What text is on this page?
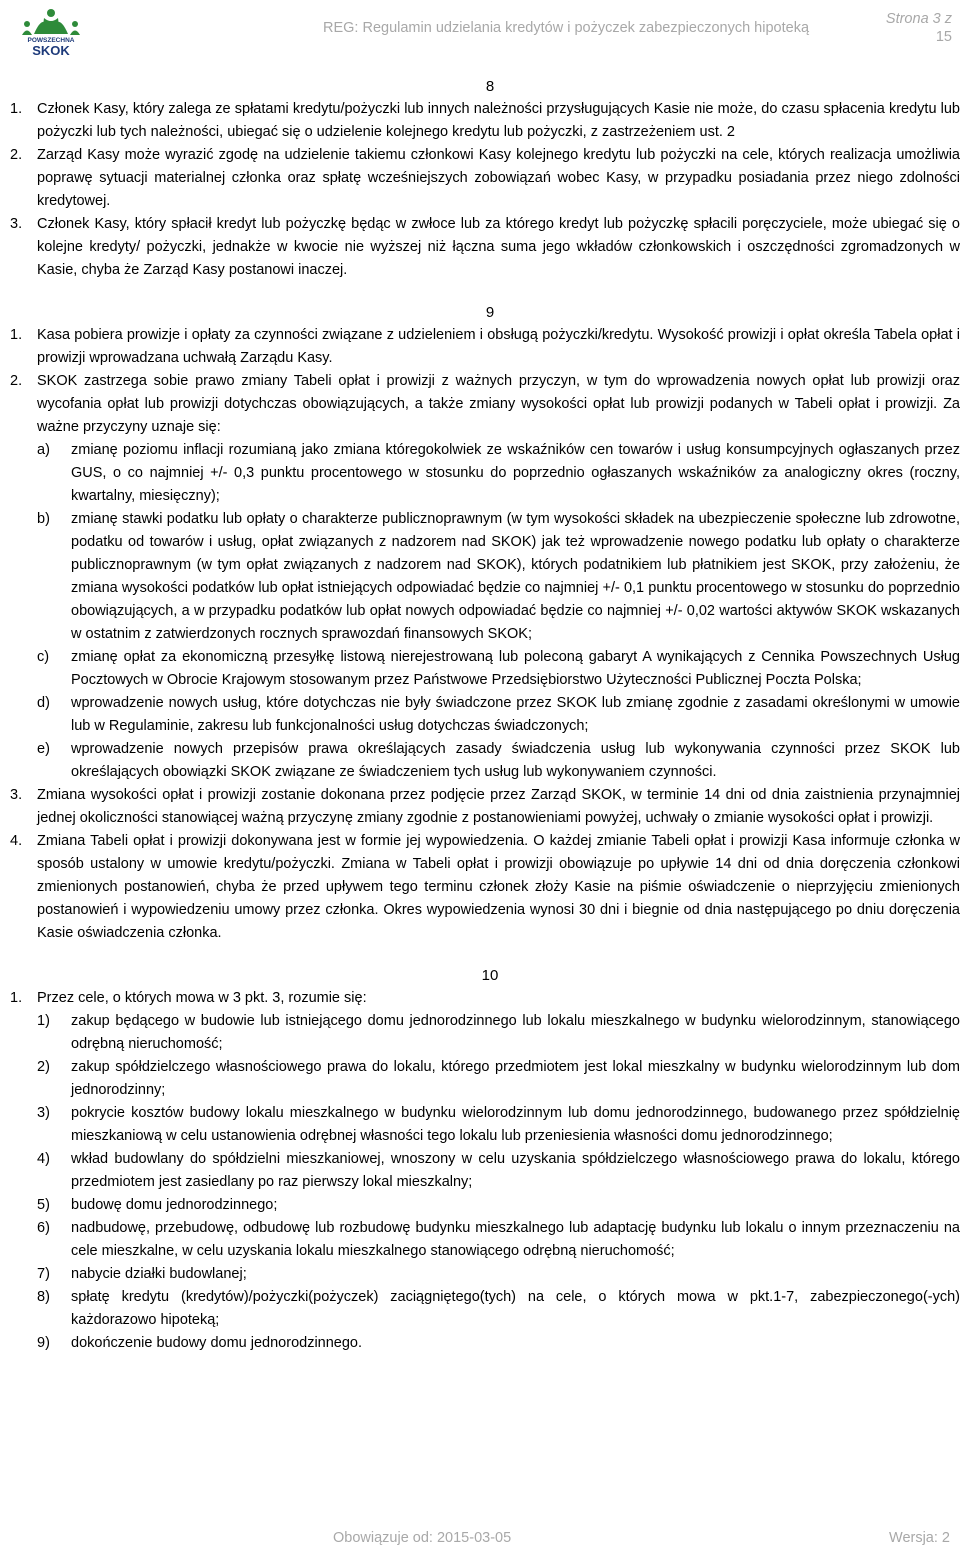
POWSZECHNA
SKOK
REG: Regulamin udzielania kredytów i pożyczek zabezpieczonych hipoteką
Strona 3 z
15
8
1.	Członek Kasy, który zalega ze spłatami kredytu/pożyczki lub innych należności przysługujących Kasie nie może, do czasu spłacenia kredytu lub pożyczki lub tych należności, ubiegać się o udzielenie kolejnego kredytu lub pożyczki, z zastrzeżeniem ust. 2
2.	Zarząd Kasy może wyrazić zgodę na udzielenie takiemu członkowi Kasy kolejnego kredytu lub pożyczki na cele, których realizacja umożliwia poprawę sytuacji materialnej członka oraz spłatę wcześniejszych zobowiązań wobec Kasy, w przypadku posiadania przez niego zdolności kredytowej.
3.	Członek Kasy, który spłacił kredyt lub pożyczkę będąc w zwłoce lub za którego kredyt lub pożyczkę spłacili poręczyciele, może ubiegać się o kolejne kredyty/ pożyczki, jednakże w kwocie nie wyższej niż łączna suma jego wkładów członkowskich i oszczędności zgromadzonych w Kasie, chyba że Zarząd Kasy postanowi inaczej.
9
1.	Kasa pobiera prowizje i opłaty za czynności związane z udzieleniem i obsługą pożyczki/kredytu. Wysokość prowizji i opłat określa Tabela opłat i prowizji wprowadzana uchwałą Zarządu Kasy.
2.	SKOK zastrzega sobie prawo zmiany Tabeli opłat i prowizji z ważnych przyczyn, w tym do wprowadzenia nowych opłat lub prowizji oraz wycofania opłat lub prowizji dotychczas obowiązujących, a także zmiany wysokości opłat lub prowizji podanych w Tabeli opłat i prowizji. Za ważne przyczyny uznaje się:
a)	zmianę poziomu inflacji rozumianą jako zmiana któregokolwiek ze wskaźników cen towarów i usług konsumpcyjnych ogłaszanych przez GUS, o co najmniej +/- 0,3 punktu procentowego w stosunku do poprzednio ogłaszanych wskaźników za analogiczny okres (roczny, kwartalny, miesięczny);
b)	zmianę stawki podatku lub opłaty o charakterze publicznoprawnym (w tym wysokości składek na ubezpieczenie społeczne lub zdrowotne, podatku od towarów i usług, opłat związanych z nadzorem nad SKOK) jak też wprowadzenie nowego podatku lub opłaty o charakterze publicznoprawnym (w tym opłat związanych z nadzorem nad SKOK), których podatnikiem lub płatnikiem jest SKOK, przy założeniu, że zmiana wysokości podatków lub opłat istniejących odpowiadać będzie co najmniej +/- 0,1 punktu procentowego w stosunku do poprzednio obowiązujących, a w przypadku podatków lub opłat nowych odpowiadać będzie co najmniej +/- 0,02 wartości aktywów SKOK wskazanych w ostatnim z zatwierdzonych rocznych sprawozdań finansowych SKOK;
c)	zmianę opłat za ekonomiczną przesyłkę listową nierejestrowaną lub poleconą gabaryt A wynikających z Cennika Powszechnych Usług Pocztowych w Obrocie Krajowym stosowanym przez Państwowe Przedsiębiorstwo Użyteczności Publicznej Poczta Polska;
d)	wprowadzenie nowych usług, które dotychczas nie były świadczone przez SKOK lub zmianę zgodnie z zasadami określonymi w umowie lub w Regulaminie, zakresu lub funkcjonalności usług dotychczas świadczonych;
e)	wprowadzenie nowych przepisów prawa określających zasady świadczenia usług lub wykonywania czynności przez SKOK lub określających obowiązki SKOK związane ze świadczeniem tych usług lub wykonywaniem czynności.
3.	Zmiana wysokości opłat i prowizji zostanie dokonana przez podjęcie przez Zarząd SKOK, w terminie 14 dni od dnia zaistnienia przynajmniej jednej okoliczności stanowiącej ważną przyczynę zmiany zgodnie z postanowieniami powyżej, uchwały o zmianie wysokości opłat i prowizji.
4.	Zmiana Tabeli opłat i prowizji dokonywana jest w formie jej wypowiedzenia. O każdej zmianie Tabeli opłat i prowizji Kasa informuje członka w sposób ustalony w umowie kredytu/pożyczki. Zmiana w Tabeli opłat i prowizji obowiązuje po upływie 14 dni od dnia doręczenia członkowi zmienionych postanowień, chyba że przed upływem tego terminu członek złoży Kasie na piśmie oświadczenie o nieprzyjęciu zmienionych postanowień i wypowiedzeniu umowy przez członka. Okres wypowiedzenia wynosi 30 dni i biegnie od dnia następującego po dniu doręczenia Kasie oświadczenia członka.
10
1.	Przez cele, o których mowa w 3 pkt. 3, rozumie się:
1)	zakup będącego w budowie lub istniejącego domu jednorodzinnego lub lokalu mieszkalnego w budynku wielorodzinnym, stanowiącego odrębną nieruchomość;
2)	zakup spółdzielczego własnościowego prawa do lokalu, którego przedmiotem jest lokal mieszkalny w budynku wielorodzinnym lub dom jednorodzinny;
3)	pokrycie kosztów budowy lokalu mieszkalnego w budynku wielorodzinnym lub domu jednorodzinnego, budowanego przez spółdzielnię mieszkaniową w celu ustanowienia odrębnej własności tego lokalu lub przeniesienia własności domu jednorodzinnego;
4)	wkład budowlany do spółdzielni mieszkaniowej, wnoszony w celu uzyskania spółdzielczego własnościowego prawa do lokalu, którego przedmiotem jest zasiedlany po raz pierwszy lokal mieszkalny;
5)	budowę domu jednorodzinnego;
6)	nadbudowę, przebudowę, odbudowę lub rozbudowę budynku mieszkalnego lub adaptację budynku lub lokalu o innym przeznaczeniu na cele mieszkalne, w celu uzyskania lokalu mieszkalnego stanowiącego odrębną nieruchomość;
7)	nabycie działki budowlanej;
8)	spłatę kredytu (kredytów)/pożyczki(pożyczek) zaciągniętego(tych) na cele, o których mowa w pkt.1-7, zabezpieczonego(-ych) każdorazowo hipoteką;
9)	dokończenie budowy domu jednorodzinnego.
Obowiązuje od: 2015-03-05	Wersja: 2
